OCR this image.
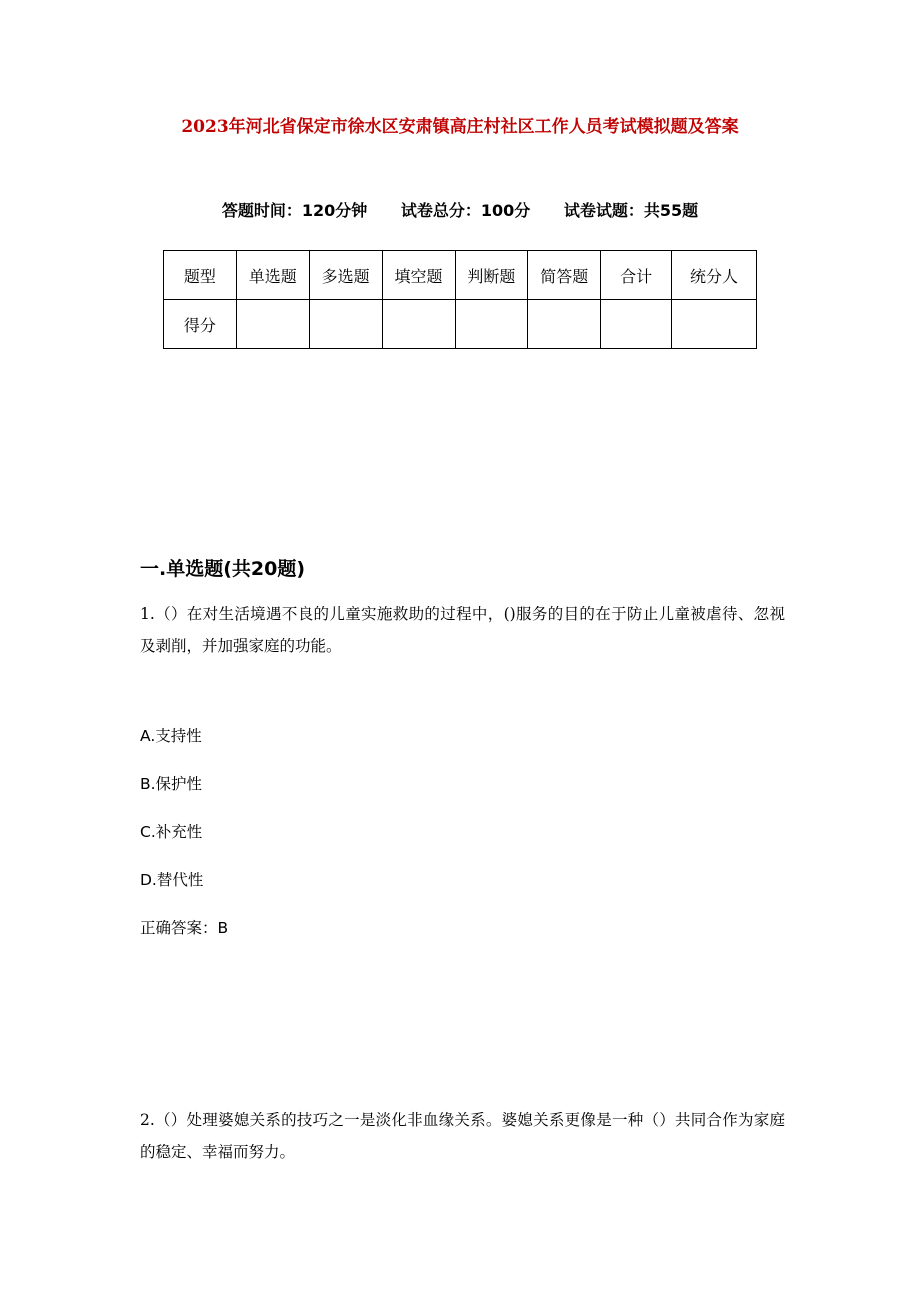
2023年河北省保定市徐水区安肃镇高庄村社区工作人员考试模拟题及答案
答题时间：120分钟 试卷总分：100分 试卷试题：共55题
题型	单选题	多选题	填空题	判断题	简答题	合计	统分人
得分							
一.单选题(共20题)
1.（）在对生活境遇不良的儿童实施救助的过程中，()服务的目的在于防止儿童被虐待、忽视及剥削，并加强家庭的功能。
A.支持性
B.保护性
C.补充性
D.替代性
正确答案：B
2.（）处理婆媳关系的技巧之一是淡化非血缘关系。婆媳关系更像是一种（）共同合作为家庭的稳定、幸福而努力。
